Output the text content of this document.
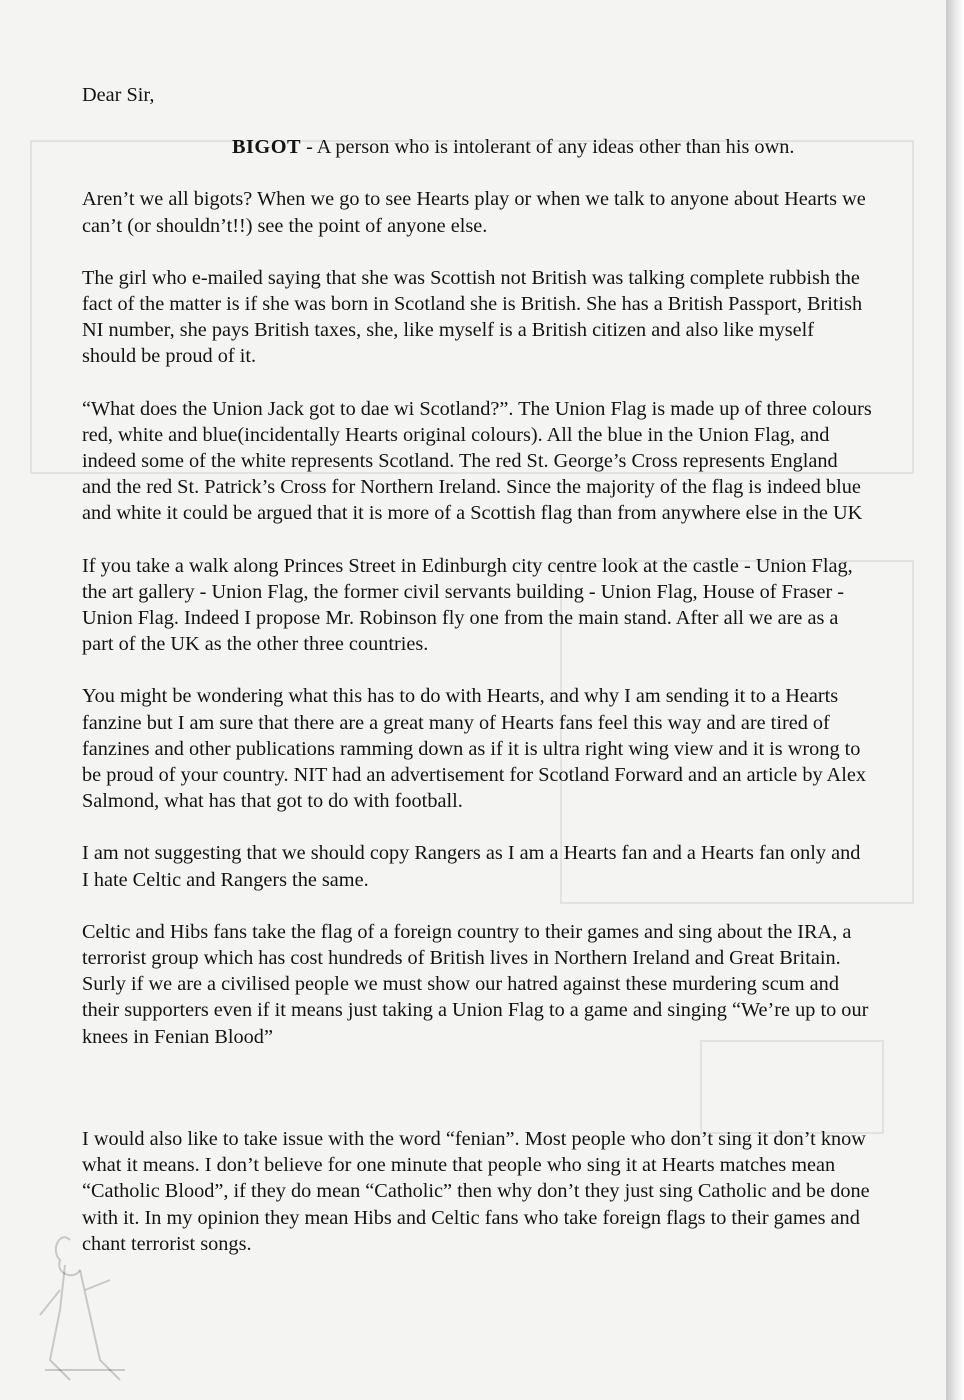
Dear Sir,

BIGOT - A person who is intolerant of any ideas other than his own.

Aren’t we all bigots? When we go to see Hearts play or when we talk to anyone about Hearts we can’t (or shouldn’t!!) see the point of anyone else.

The girl who e-mailed saying that she was Scottish not British was talking complete rubbish the fact of the matter is if she was born in Scotland she is British. She has a British Passport, British NI number, she pays British taxes, she, like myself is a British citizen and also like myself should be proud of it.

“What does the Union Jack got to dae wi Scotland?”. The Union Flag is made up of three colours red, white and blue(incidentally Hearts original colours). All the blue in the Union Flag, and indeed some of the white represents Scotland. The red St. George’s Cross represents England and the red St. Patrick’s Cross for Northern Ireland. Since the majority of the flag is indeed blue and white it could be argued that it is more of a Scottish flag than from anywhere else in the UK

If you take a walk along Princes Street in Edinburgh city centre look at the castle - Union Flag, the art gallery - Union Flag, the former civil servants building - Union Flag, House of Fraser - Union Flag. Indeed I propose Mr. Robinson fly one from the main stand. After all we are as a part of the UK as the other three countries.

You might be wondering what this has to do with Hearts, and why I am sending it to a Hearts fanzine but I am sure that there are a great many of Hearts fans feel this way and are tired of fanzines and other publications ramming down as if it is ultra right wing view and it is wrong to be proud of your country. NIT had an advertisement for Scotland Forward and an article by Alex Salmond, what has that got to do with football.

I am not suggesting that we should copy Rangers as I am a Hearts fan and a Hearts fan only and I hate Celtic and Rangers the same.

Celtic and Hibs fans take the flag of a foreign country to their games and sing about the IRA, a terrorist group which has cost hundreds of British lives in Northern Ireland and Great Britain. Surly if we are a civilised people we must show our hatred against these murdering scum and their supporters even if it means just taking a Union Flag to a game and singing “We’re up to our knees in Fenian Blood”

I would also like to take issue with the word “fenian”. Most people who don’t sing it don’t know what it means. I don’t believe for one minute that people who sing it at Hearts matches mean “Catholic Blood”, if they do mean “Catholic” then why don’t they just sing Catholic and be done with it. In my opinion they mean Hibs and Celtic fans who take foreign flags to their games and chant terrorist songs.
